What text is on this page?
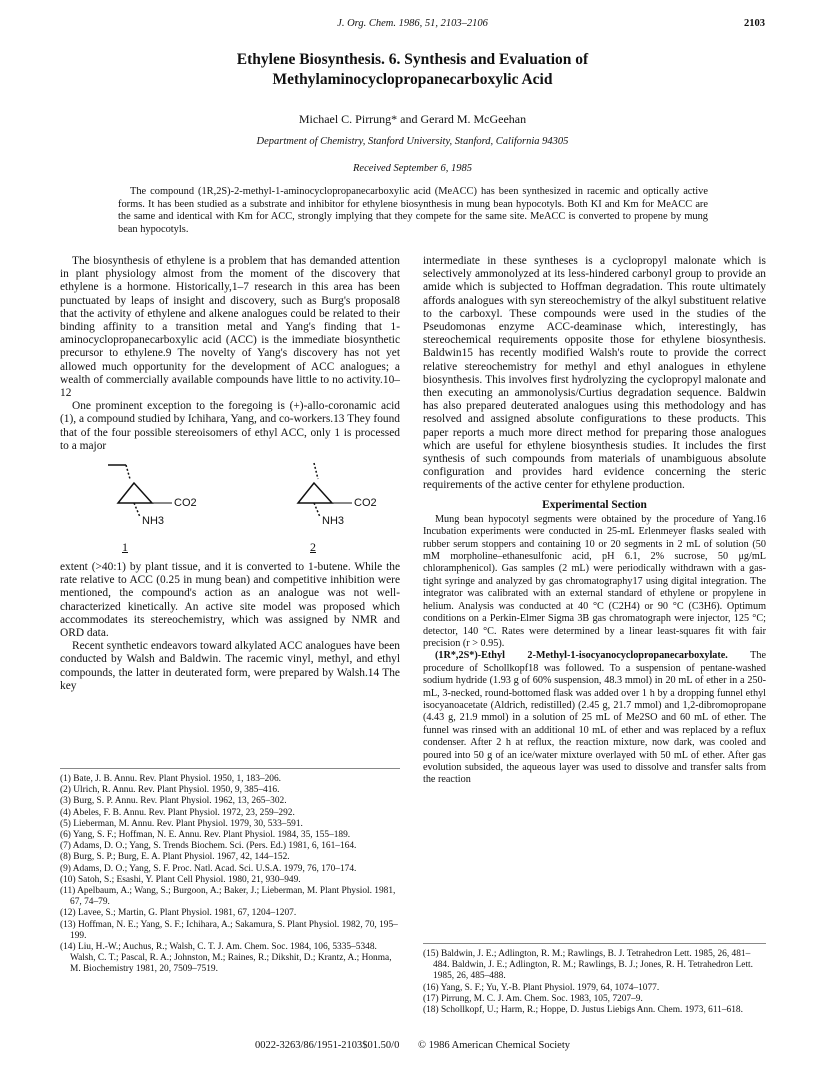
J. Org. Chem. 1986, 51, 2103–2106	2103
Ethylene Biosynthesis. 6. Synthesis and Evaluation of
Methylaminocyclopropanecarboxylic Acid
Michael C. Pirrung* and Gerard M. McGeehan
Department of Chemistry, Stanford University, Stanford, California 94305
Received September 6, 1985
The compound (1R,2S)-2-methyl-1-aminocyclopropanecarboxylic acid (MeACC) has been synthesized in racemic and optically active forms. It has been studied as a substrate and inhibitor for ethylene biosynthesis in mung bean hypocotyls. Both KI and Km for MeACC are the same and identical with Km for ACC, strongly implying that they compete for the same site. MeACC is converted to propene by mung bean hypocotyls.

The biosynthesis of ethylene is a problem that has demanded attention in plant physiology almost from the moment of the discovery that ethylene is a hormone. Historically,1–7 research in this area has been punctuated by leaps of insight and discovery, such as Burg's proposal8 that the activity of ethylene and alkene analogues could be related to their binding affinity to a transition metal and Yang's finding that 1-aminocyclopropanecarboxylic acid (ACC) is the immediate biosynthetic precursor to ethylene.9 The novelty of Yang's discovery has not yet allowed much opportunity for the development of ACC analogues; a wealth of commercially available compounds have little to no activity.10–12

One prominent exception to the foregoing is (+)-allo-coronamic acid (1), a compound studied by Ichihara, Yang, and co-workers.13 They found that of the four possible stereoisomers of ethyl ACC, only 1 is processed to a major

CO2
NH3
CO2
NH3
1	2

extent (>40:1) by plant tissue, and it is converted to 1-butene. While the rate relative to ACC (0.25 in mung bean) and competitive inhibition were mentioned, the compound's action as an analogue was not well-characterized kinetically. An active site model was proposed which accommodates its stereochemistry, which was assigned by NMR and ORD data.

Recent synthetic endeavors toward alkylated ACC analogues have been conducted by Walsh and Baldwin. The racemic vinyl, methyl, and ethyl compounds, the latter in deuterated form, were prepared by Walsh.14 The key

intermediate in these syntheses is a cyclopropyl malonate which is selectively ammonolyzed at its less-hindered carbonyl group to provide an amide which is subjected to Hoffman degradation. This route ultimately affords analogues with syn stereochemistry of the alkyl substituent relative to the carboxyl. These compounds were used in the studies of the Pseudomonas enzyme ACC-deaminase which, interestingly, has stereochemical requirements opposite those for ethylene biosynthesis. Baldwin15 has recently modified Walsh's route to provide the correct relative stereochemistry for methyl and ethyl analogues in ethylene biosynthesis. This involves first hydrolyzing the cyclopropyl malonate and then executing an ammonolysis/Curtius degradation sequence. Baldwin has also prepared deuterated analogues using this methodology and has resolved and assigned absolute configurations to these products. This paper reports a much more direct method for preparing those analogues which are useful for ethylene biosynthesis studies. It includes the first synthesis of such compounds from materials of unambiguous absolute configuration and provides hard evidence concerning the steric requirements of the active center for ethylene production.

Experimental Section

Mung bean hypocotyl segments were obtained by the procedure of Yang.16 Incubation experiments were conducted in 25-mL Erlenmeyer flasks sealed with rubber serum stoppers and containing 10 or 20 segments in 2 mL of solution (50 mM morpholine–ethanesulfonic acid, pH 6.1, 2% sucrose, 50 μg/mL chloramphenicol). Gas samples (2 mL) were periodically withdrawn with a gas-tight syringe and analyzed by gas chromatography17 using digital integration. The integrator was calibrated with an external standard of ethylene or propylene in helium. Analysis was conducted at 40 °C (C2H4) or 90 °C (C3H6). Optimum conditions on a Perkin-Elmer Sigma 3B gas chromatograph were injector, 125 °C; detector, 140 °C. Rates were determined by a linear least-squares fit with fair precision (r > 0.95).

(1R*,2S*)-Ethyl 2-Methyl-1-isocyanocyclopropanecarboxylate. The procedure of Schollkopf18 was followed. To a suspension of pentane-washed sodium hydride (1.93 g of 60% suspension, 48.3 mmol) in 20 mL of ether in a 250-mL, 3-necked, round-bottomed flask was added over 1 h by a dropping funnel ethyl isocyanoacetate (Aldrich, redistilled) (2.45 g, 21.7 mmol) and 1,2-dibromopropane (4.43 g, 21.9 mmol) in a solution of 25 mL of Me2SO and 60 mL of ether. The funnel was rinsed with an additional 10 mL of ether and was replaced by a reflux condenser. After 2 h at reflux, the reaction mixture, now dark, was cooled and poured into 50 g of an ice/water mixture overlayed with 50 mL of ether. After gas evolution subsided, the aqueous layer was used to dissolve and transfer salts from the reaction

(1) Bate, J. B. Annu. Rev. Plant Physiol. 1950, 1, 183–206.
(2) Ulrich, R. Annu. Rev. Plant Physiol. 1950, 9, 385–416.
(3) Burg, S. P. Annu. Rev. Plant Physiol. 1962, 13, 265–302.
(4) Abeles, F. B. Annu. Rev. Plant Physiol. 1972, 23, 259–292.
(5) Lieberman, M. Annu. Rev. Plant Physiol. 1979, 30, 533–591.
(6) Yang, S. F.; Hoffman, N. E. Annu. Rev. Plant Physiol. 1984, 35, 155–189.
(7) Adams, D. O.; Yang, S. Trends Biochem. Sci. (Pers. Ed.) 1981, 6, 161–164.
(8) Burg, S. P.; Burg, E. A. Plant Physiol. 1967, 42, 144–152.
(9) Adams, D. O.; Yang, S. F. Proc. Natl. Acad. Sci. U.S.A. 1979, 76, 170–174.
(10) Satoh, S.; Esashi, Y. Plant Cell Physiol. 1980, 21, 930–949.
(11) Apelbaum, A.; Wang, S.; Burgoon, A.; Baker, J.; Lieberman, M. Plant Physiol. 1981, 67, 74–79.
(12) Lavee, S.; Martin, G. Plant Physiol. 1981, 67, 1204–1207.
(13) Hoffman, N. E.; Yang, S. F.; Ichihara, A.; Sakamura, S. Plant Physiol. 1982, 70, 195–199.
(14) Liu, H.-W.; Auchus, R.; Walsh, C. T. J. Am. Chem. Soc. 1984, 106, 5335–5348. Walsh, C. T.; Pascal, R. A.; Johnston, M.; Raines, R.; Dikshit, D.; Krantz, A.; Honma, M. Biochemistry 1981, 20, 7509–7519.
(15) Baldwin, J. E.; Adlington, R. M.; Rawlings, B. J. Tetrahedron Lett. 1985, 26, 481–484. Baldwin, J. E.; Adlington, R. M.; Rawlings, B. J.; Jones, R. H. Tetrahedron Lett. 1985, 26, 485–488.
(16) Yang, S. F.; Yu, Y.-B. Plant Physiol. 1979, 64, 1074–1077.
(17) Pirrung, M. C. J. Am. Chem. Soc. 1983, 105, 7207–9.
(18) Schollkopf, U.; Harm, R.; Hoppe, D. Justus Liebigs Ann. Chem. 1973, 611–618.
0022-3263/86/1951-2103$01.50/0 © 1986 American Chemical Society
